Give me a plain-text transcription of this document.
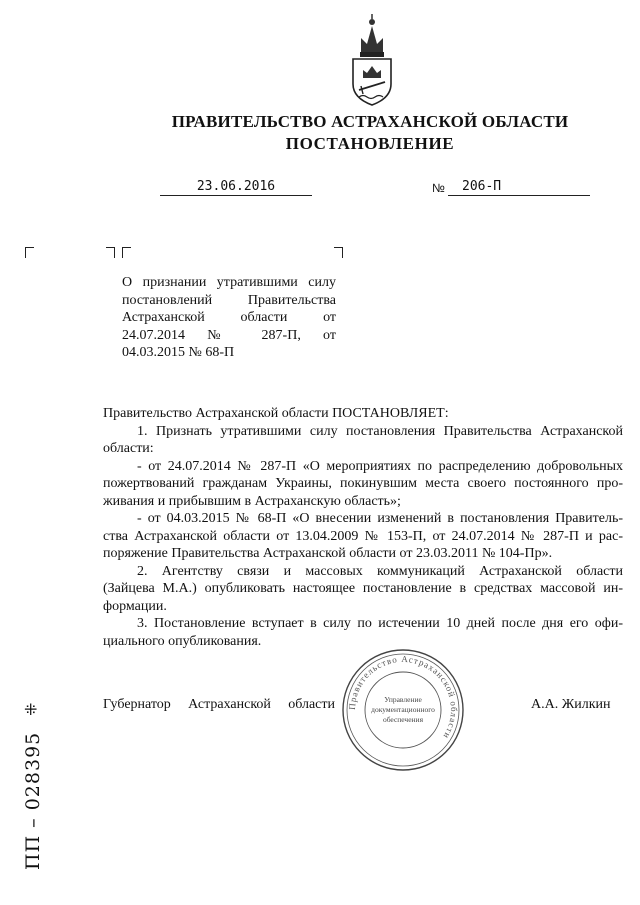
ПРАВИТЕЛЬСТВО АСТРАХАНСКОЙ ОБЛАСТИ
ПОСТАНОВЛЕНИЕ
23.06.2016	№	206-П
О признании утратившими силу
постановлений Правительства
Астраханской области от
24.07.2014 № 287-П, от
04.03.2015 № 68-П

Правительство Астраханской области ПОСТАНОВЛЯЕТ:

1. Признать утратившими силу постановления Правительства Астраханской

области:

- от 24.07.2014 № 287-П «О мероприятиях по распределению добровольных

пожертвований гражданам Украины, покинувшим места своего постоянного про-

живания и прибывшим в Астраханскую область»;

- от 04.03.2015 № 68-П «О внесении изменений в постановления Правитель-

ства Астраханской области от 13.04.2009 № 153-П, от 24.07.2014 № 287-П и рас-

поряжение Правительства Астраханской области от 23.03.2011 № 104-Пр».

2. Агентству связи и массовых коммуникаций Астраханской области

(Зайцева М.А.) опубликовать настоящее постановление в средствах массовой ин-

формации.

3. Постановление вступает в силу по истечении 10 дней после дня его офи-

циального опубликования.

Губернатор Астраханской области Правительство Астраханской области
Управление
документационного
обеспечения
А.А. Жилкин
ПП – 028395
⁜
